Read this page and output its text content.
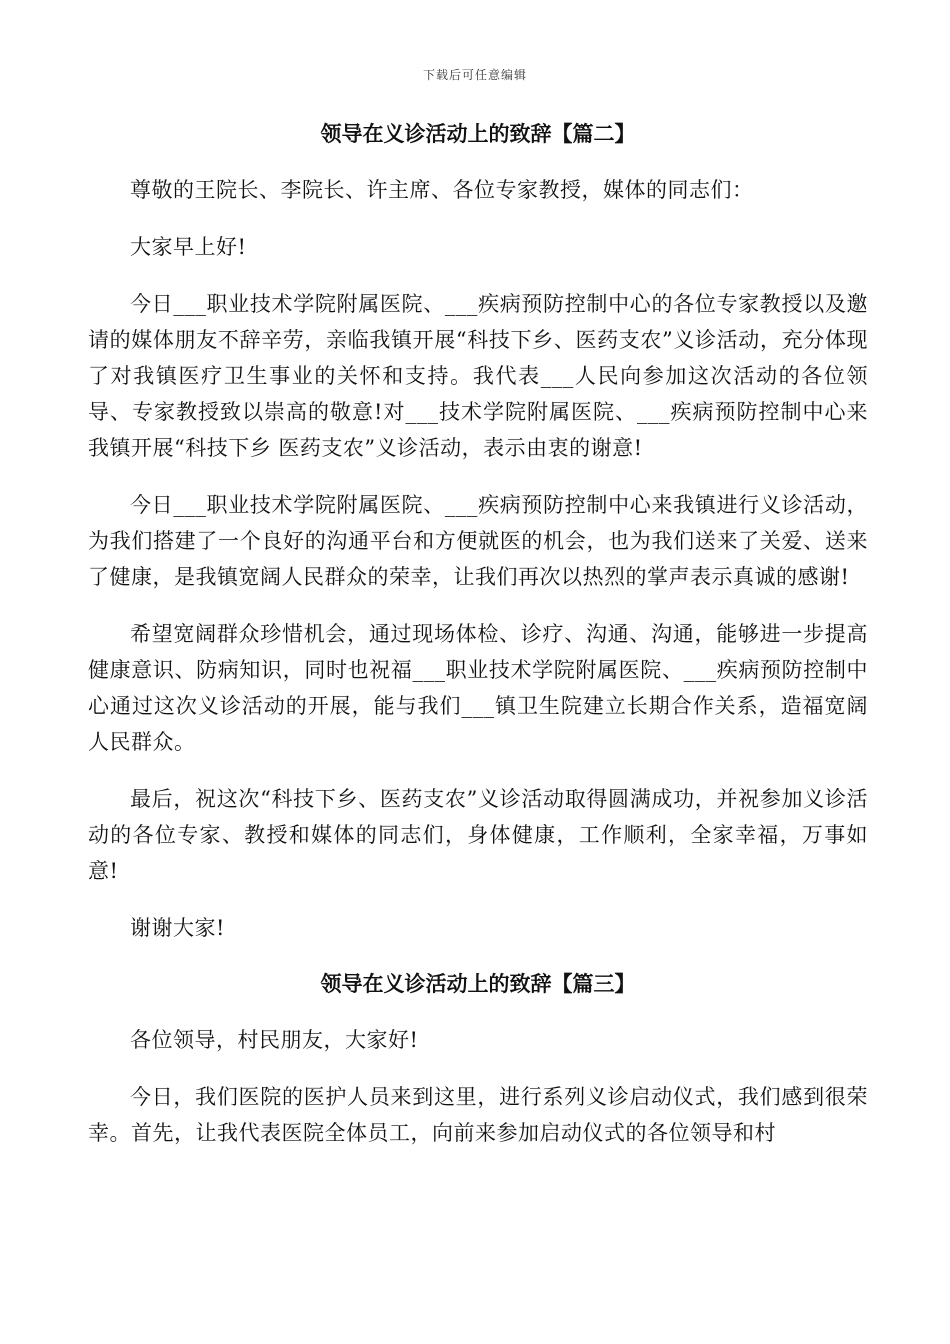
下载后可任意编辑
领导在义诊活动上的致辞【篇二】

尊敬的王院长、李院长、许主席、各位专家教授，媒体的同志们：

大家早上好!

今日___职业技术学院附属医院、___疾病预防控制中心的各位专家教授以及邀请的媒体朋友不辞辛劳，亲临我镇开展“科技下乡、医药支农”义诊活动，充分体现了对我镇医疗卫生事业的关怀和支持。我代表___人民向参加这次活动的各位领导、专家教授致以崇高的敬意!对___技术学院附属医院、___疾病预防控制中心来我镇开展“科技下乡 医药支农”义诊活动，表示由衷的谢意!

今日___职业技术学院附属医院、___疾病预防控制中心来我镇进行义诊活动，为我们搭建了一个良好的沟通平台和方便就医的机会，也为我们送来了关爱、送来了健康，是我镇宽阔人民群众的荣幸，让我们再次以热烈的掌声表示真诚的感谢!

希望宽阔群众珍惜机会，通过现场体检、诊疗、沟通、沟通，能够进一步提高健康意识、防病知识，同时也祝福___职业技术学院附属医院、___疾病预防控制中心通过这次义诊活动的开展，能与我们___镇卫生院建立长期合作关系，造福宽阔人民群众。

最后，祝这次“科技下乡、医药支农”义诊活动取得圆满成功，并祝参加义诊活动的各位专家、教授和媒体的同志们，身体健康，工作顺利，全家幸福，万事如意!

谢谢大家!

领导在义诊活动上的致辞【篇三】

各位领导，村民朋友，大家好!

今日，我们医院的医护人员来到这里，进行系列义诊启动仪式，我们感到很荣幸。首先，让我代表医院全体员工，向前来参加启动仪式的各位领导和村
